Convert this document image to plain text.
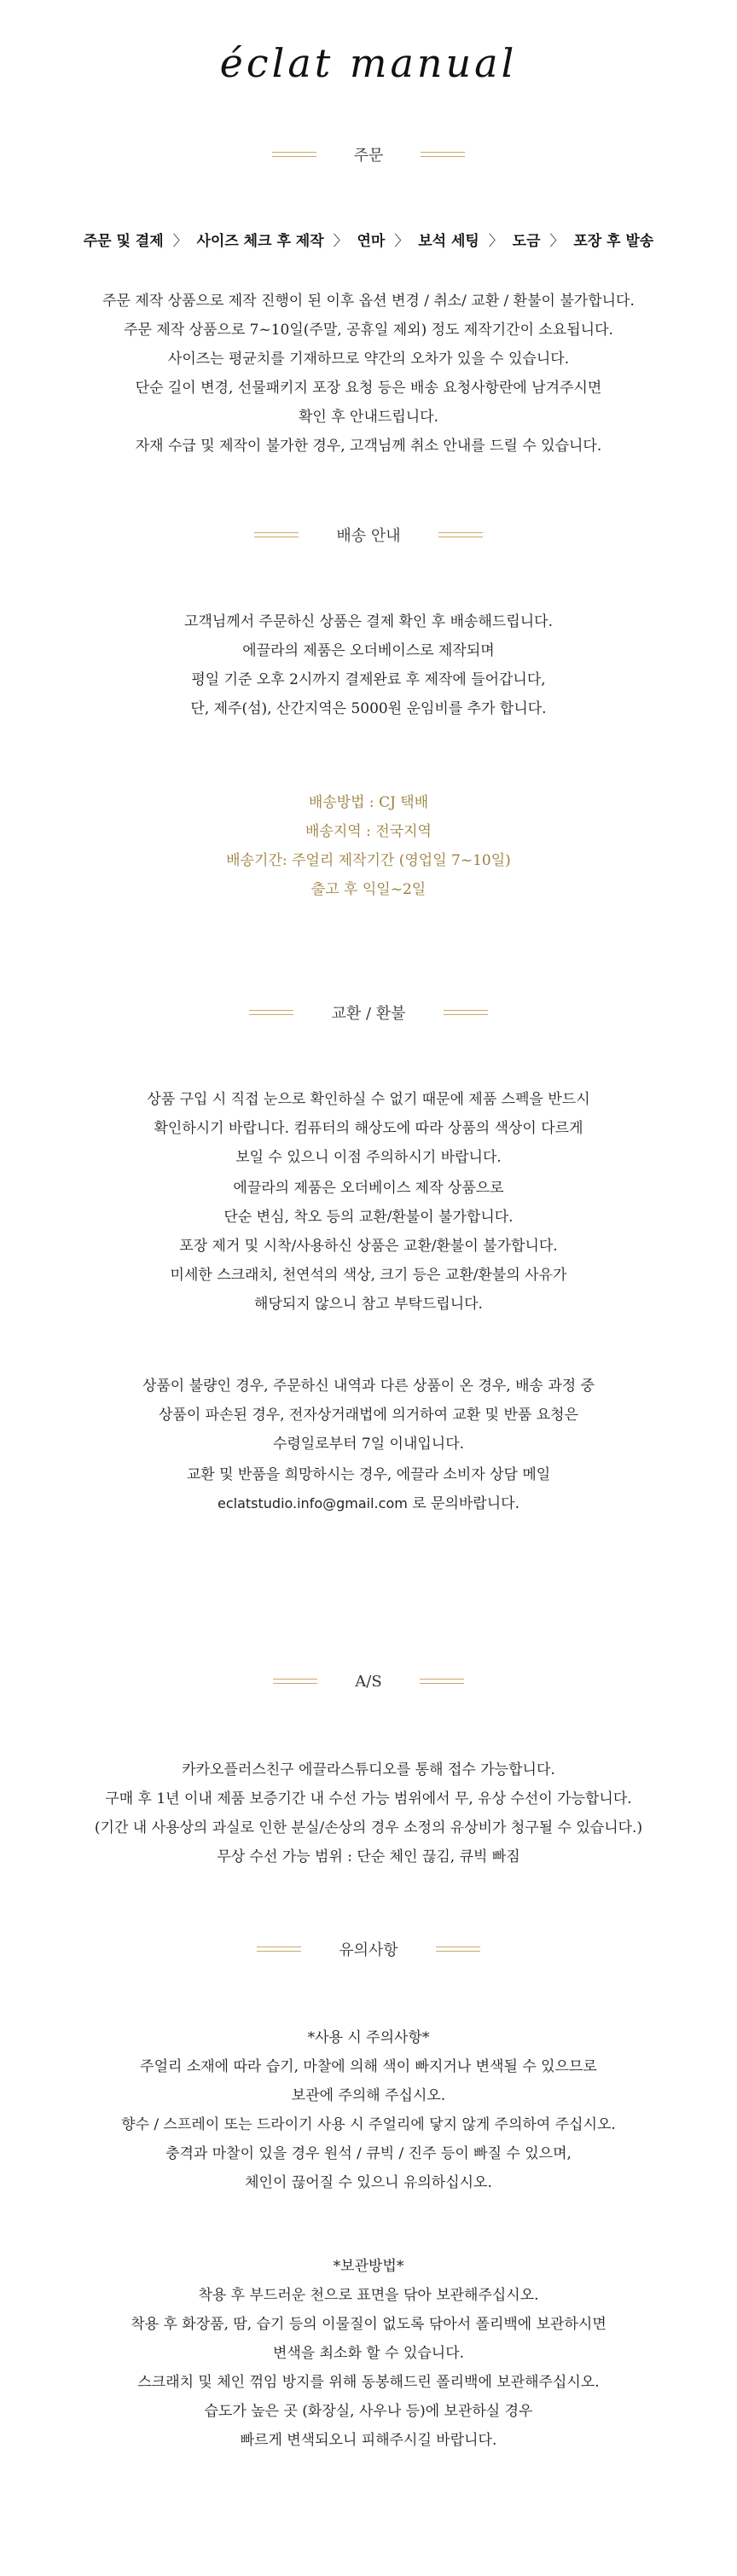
éclat manual
주문
주문 및 결제 〉 사이즈 체크 후 제작 〉 연마 〉 보석 세팅 〉 도금 〉 포장 후 발송

주문 제작 상품으로 제작 진행이 된 이후 옵션 변경 / 취소/ 교환 / 환불이 불가합니다.

주문 제작 상품으로 7~10일(주말, 공휴일 제외) 정도 제작기간이 소요됩니다.

사이즈는 평균치를 기재하므로 약간의 오차가 있을 수 있습니다.

단순 길이 변경, 선물패키지 포장 요청 등은 배송 요청사항란에 남겨주시면

확인 후 안내드립니다.

자재 수급 및 제작이 불가한 경우, 고객님께 취소 안내를 드릴 수 있습니다.

배송 안내

고객님께서 주문하신 상품은 결제 확인 후 배송해드립니다.

에끌라의 제품은 오더베이스로 제작되며

평일 기준 오후 2시까지 결제완료 후 제작에 들어갑니다,

단, 제주(섬), 산간지역은 5000원 운임비를 추가 합니다.

배송방법 : CJ 택배

배송지역 : 전국지역

배송기간: 주얼리 제작기간 (영업일 7~10일)

출고 후 익일~2일

교환 / 환불

상품 구입 시 직접 눈으로 확인하실 수 없기 때문에 제품 스펙을 반드시

확인하시기 바랍니다. 컴퓨터의 해상도에 따라 상품의 색상이 다르게

보일 수 있으니 이점 주의하시기 바랍니다.

에끌라의 제품은 오더베이스 제작 상품으로

단순 변심, 착오 등의 교환/환불이 불가합니다.

포장 제거 및 시착/사용하신 상품은 교환/환불이 불가합니다.

미세한 스크래치, 천연석의 색상, 크기 등은 교환/환불의 사유가

해당되지 않으니 참고 부탁드립니다.

상품이 불량인 경우, 주문하신 내역과 다른 상품이 온 경우, 배송 과정 중

상품이 파손된 경우, 전자상거래법에 의거하여 교환 및 반품 요청은

수령일로부터 7일 이내입니다.

교환 및 반품을 희망하시는 경우, 에끌라 소비자 상담 메일

eclatstudio.info@gmail.com 로 문의바랍니다.

A/S

카카오플러스친구 에끌라스튜디오를 통해 접수 가능합니다.

구매 후 1년 이내 제품 보증기간 내 수선 가능 범위에서 무, 유상 수선이 가능합니다.

(기간 내 사용상의 과실로 인한 분실/손상의 경우 소정의 유상비가 청구될 수 있습니다.)

무상 수선 가능 범위 : 단순 체인 끊김, 큐빅 빠짐

유의사항

*사용 시 주의사항*

주얼리 소재에 따라 습기, 마찰에 의해 색이 빠지거나 변색될 수 있으므로

보관에 주의해 주십시오.

향수 / 스프레이 또는 드라이기 사용 시 주얼리에 닿지 않게 주의하여 주십시오.

충격과 마찰이 있을 경우 원석 / 큐빅 / 진주 등이 빠질 수 있으며,

체인이 끊어질 수 있으니 유의하십시오.

*보관방법*

착용 후 부드러운 천으로 표면을 닦아 보관해주십시오.

착용 후 화장품, 땀, 습기 등의 이물질이 없도록 닦아서 폴리백에 보관하시면

변색을 최소화 할 수 있습니다.

스크래치 및 체인 꺾임 방지를 위해 동봉해드린 폴리백에 보관해주십시오.

습도가 높은 곳 (화장실, 사우나 등)에 보관하실 경우

빠르게 변색되오니 피해주시길 바랍니다.
